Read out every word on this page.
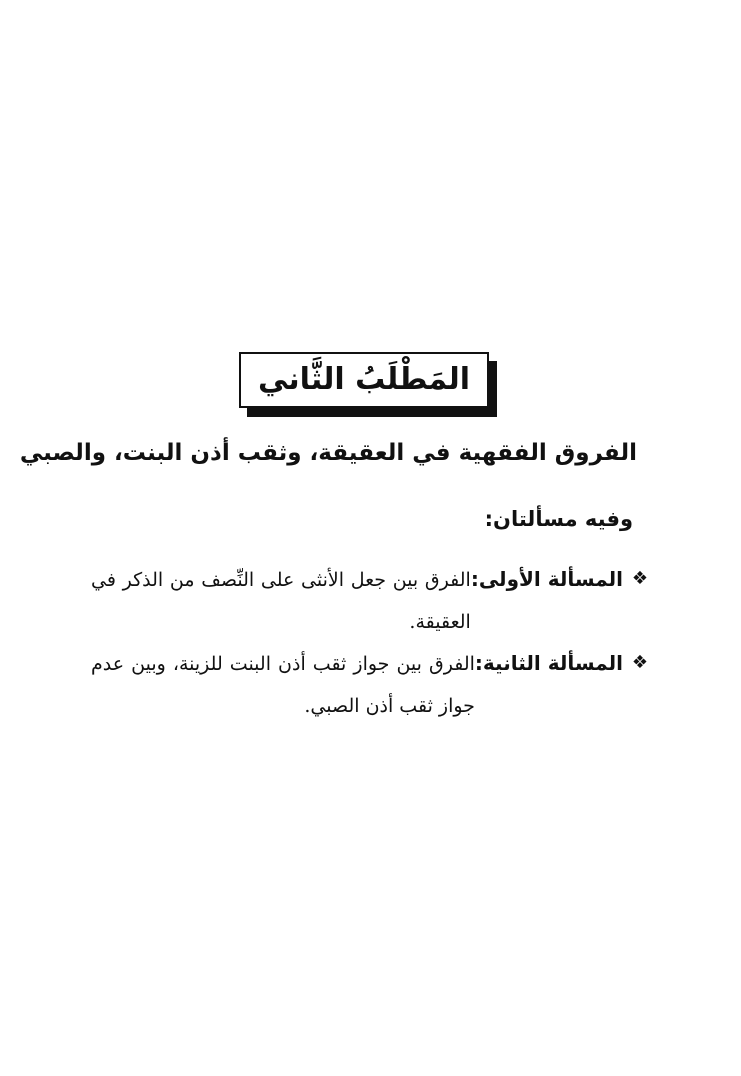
المَطْلَبُ الثَّاني
الفروق الفقهية في العقيقة، وثقب أذن البنت، والصبي
وفيه مسألتان:
❖
المسألة الأولى:
الفرق بين جعل الأنثى على النِّصف من الذكر في العقيقة.
❖
المسألة الثانية:
الفرق بين جواز ثقب أذن البنت للزينة، وبين عدم جواز ثقب أذن الصبي.
